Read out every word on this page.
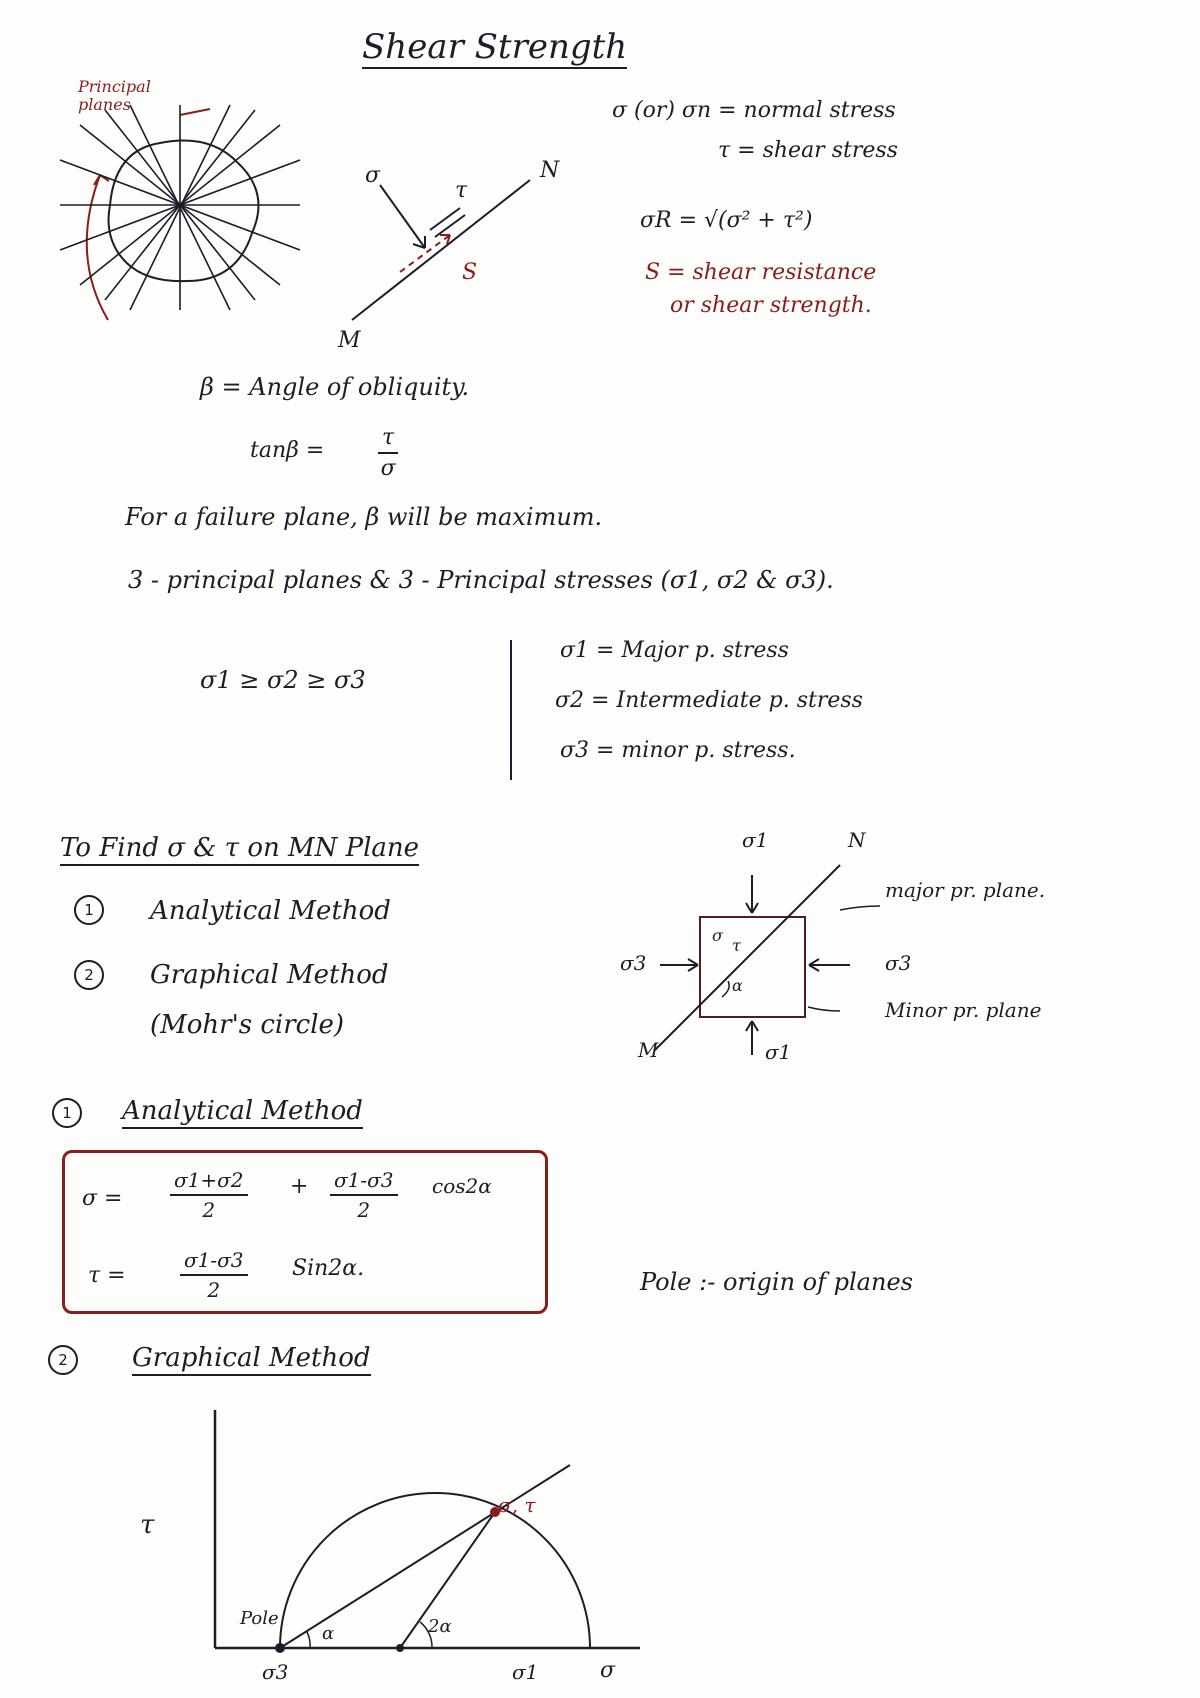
Shear Strength
Principal planes
σ
τ
N
S
M
σ (or) σn = normal stress
τ = shear stress
σR = √(σ² + τ²)
S = shear resistance
or shear strength.
β = Angle of obliquity.
$\tan\beta = \frac{\tau}{\sigma}$
For a failure plane, β will be maximum.
3 - principal planes & 3 - Principal stresses (σ1, σ2 & σ3).
σ1 ≥ σ2 ≥ σ3
σ1 = Major p. stress
σ2 = Intermediate p. stress
σ3 = minor p. stress.
To Find σ & τ on MN Plane
1	Analytical Method
2	Graphical Method
(Mohr's circle)
σ1	N
major pr. plane.
σ3	σ3
Minor pr. plane
M	σ1
σ
τ
α
1	Analytical Method
$\sigma = \frac{\sigma 1+\sigma 2}{2} + \frac{\sigma 1-\sigma 3}{2} \cos 2\alpha$
τ =	$\frac{\sigma 1-\sigma 3}{2} Sin2\alpha$.	Pole :- origin of planes
2	Graphical Method
τ
σ
Pole
α	2α
σ, τ
σ3	σ1
